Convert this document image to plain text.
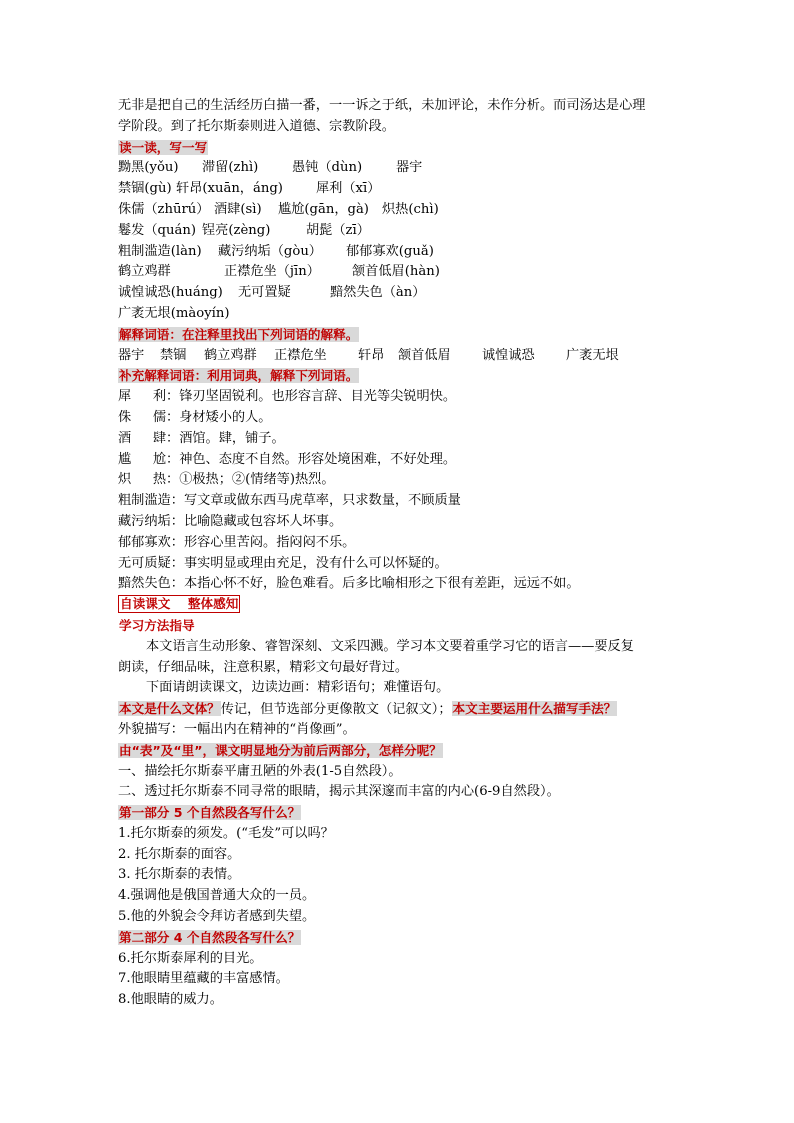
无非是把自己的生活经历白描一番，一一诉之于纸，未加评论，未作分析。而司汤达是心理
学阶段。到了托尔斯泰则进入道德、宗教阶段。
读一读，写一写
黝黑(yǒu) 滞留(zhì)	愚钝（dùn)	器宇
禁锢(gù) 轩昂(xuān，áng)	犀利（xī）
侏儒（zhūrú） 酒肆(sì) 尴尬(gān，gà) 炽热(chì)
鬈发（quán) 锃亮(zèng)	胡髭（zī）
粗制滥造(làn) 藏污纳垢（gòu） 郁郁寡欢(guǎ)
鹤立鸡群	正襟危坐（jīn） 颔首低眉(hàn)
诚惶诚恐(huáng) 无可置疑	黯然失色（àn）
广袤无垠(màoyín)
解释词语：在注释里找出下列词语的解释。
器宇 禁锢 鹤立鸡群 正襟危坐 轩昂 颔首低眉 诚惶诚恐 广袤无垠
补充解释词语：利用词典，解释下列词语。
犀 利 ： 锋刃坚固锐利。也形容言辞、目光等尖锐明快。
侏 儒 ： 身材矮小的人。
酒 肆 ： 酒馆。肆，铺子。
尴 尬 ： 神色、态度不自然。形容处境困难，不好处理。
炽 热 ： ①极热；②(情绪等)热烈。
粗制滥造：写文章或做东西马虎草率，只求数量，不顾质量
藏污纳垢：比喻隐藏或包容坏人坏事。
郁郁寡欢：形容心里苦闷。指闷闷不乐。
无可质疑：事实明显或理由充足，没有什么可以怀疑的。
黯然失色：本指心怀不好，脸色难看。后多比喻相形之下很有差距，远远不如。
自读课文    整体感知
学习方法指导
本文语言生动形象、睿智深刻、文采四溅。学习本文要着重学习它的语言——要反复
朗读，仔细品味，注意积累，精彩文句最好背过。
下面请朗读课文，边读边画：精彩语句；难懂语句。
本文是什么文体？传记，但节选部分更像散文（记叙文）；本文主要运用什么描写手法？
外貌描写：一幅出内在精神的“肖像画”。
由“表”及“里”，课文明显地分为前后两部分，怎样分呢？
一、描绘托尔斯泰平庸丑陋的外表(1-5自然段）。
二、透过托尔斯泰不同寻常的眼睛，揭示其深邃而丰富的内心(6-9自然段）。
第一部分 5 个自然段各写什么？
1.托尔斯泰的须发。(“毛发”可以吗？
2. 托尔斯泰的面容。
3. 托尔斯泰的表情。
4.强调他是俄国普通大众的一员。
5.他的外貌会令拜访者感到失望。
第二部分 4 个自然段各写什么？
6.托尔斯泰犀利的目光。
7.他眼睛里蕴藏的丰富感情。
8.他眼睛的威力。
